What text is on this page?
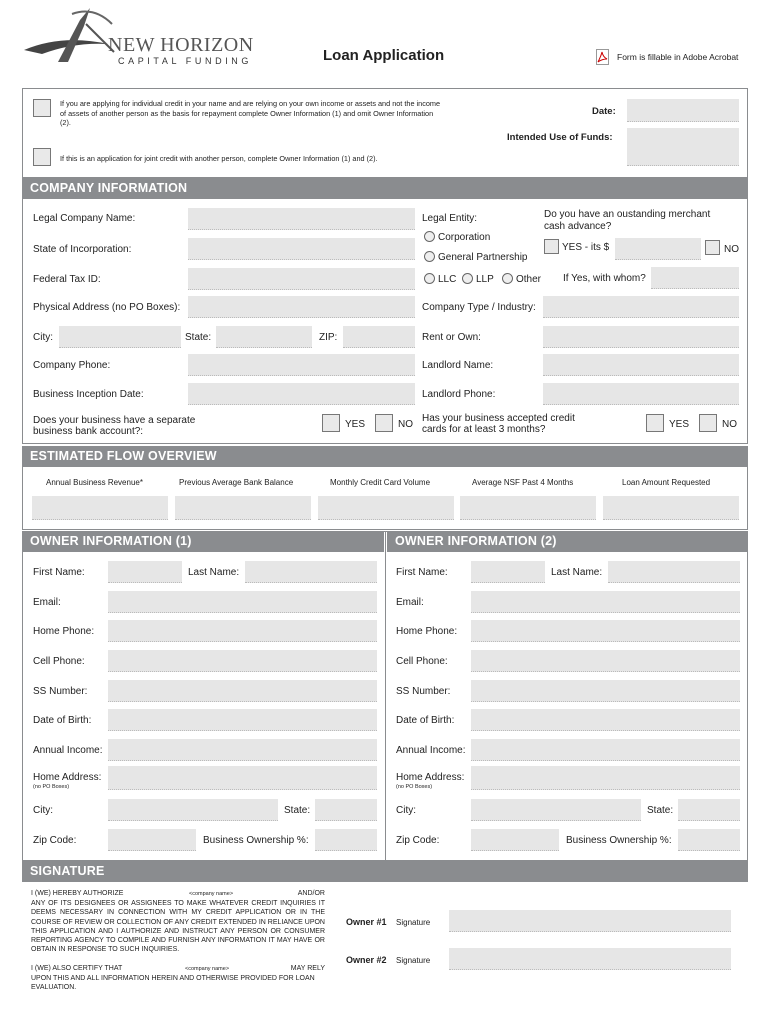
NEW HORIZON
CAPITAL FUNDING	Loan Application	Form is fillable in Adobe Acrobat
If you are applying for individual credit in your name and are relying on your own income or assets and not the income of assets of another person as the basis for repayment complete Owner Information (1) and omit Owner Information (2).
If this is an application for joint credit with another person, complete Owner Information (1) and (2).
Date:
Intended Use of Funds:
COMPANY INFORMATION
Legal Company Name:
State of Incorporation:
Federal Tax ID:
Physical Address (no PO Boxes):
City:	State:	ZIP:
Company Phone:
Business Inception Date:
Does your business have a separate business bank account?:
YES	NO
Legal Entity:
Corporation
General Partnership
LLC	LLP	Other
Do you have an oustanding merchant cash advance?
YES - its $	NO
If Yes, with whom?
Company Type / Industry:
Rent or Own:
Landlord Name:
Landlord Phone:
Has your business accepted credit cards for at least 3 months?	YES	NO
ESTIMATED FLOW OVERVIEW
Annual Business Revenue*	Previous Average Bank Balance	Monthly Credit Card Volume	Average NSF Past 4 Months	Loan Amount Requested
OWNER INFORMATION (1)	OWNER INFORMATION (2)
First Name:	Last Name:
Email:
Home Phone:
Cell Phone:
SS Number:
Date of Birth:
Annual Income:
Home Address:
(no PO Boxes)
City:	State:
Zip Code:	Business Ownership %:
First Name:	Last Name:
Email:
Home Phone:
Cell Phone:
SS Number:
Date of Birth:
Annual Income:
Home Address:
(no PO Boxes)
City:	State:
Zip Code:	Business Ownership %:
SIGNATURE
I (WE) HEREBY AUTHORIZE	<company name>	AND/OR
ANY OF ITS DESIGNEES OR ASSIGNEES TO MAKE WHATEVER CREDIT INQUIRIES IT DEEMS NECESSARY IN CONNECTION WITH MY CREDIT APPLICATION OR IN THE COURSE OF REVIEW OR COLLECTION OF ANY CREDIT EXTENDED IN RELIANCE UPON THIS APPLICATION AND I AUTHORIZE AND INSTRUCT ANY PERSON OR CONSUMER REPORTING AGENCY TO COMPILE AND FURNISH ANY INFORMATION IT MAY HAVE OR OBTAIN IN RESPONSE TO SUCH INQUIRIES.
I (WE) ALSO CERTIFY THAT	<company name>	MAY RELY
UPON THIS AND ALL INFORMATION HEREIN AND OTHERWISE PROVIDED FOR LOAN EVALUATION.
Owner #1 Signature
Owner #2 Signature
